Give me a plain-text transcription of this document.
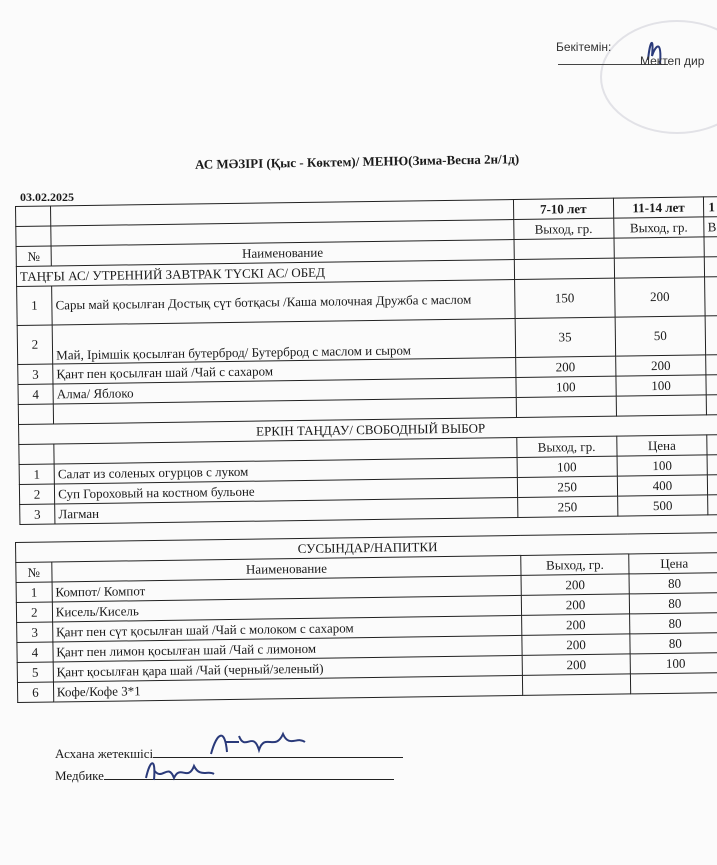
Бекітемін:
Мектеп дир
АС МӘЗІРІ (Қыс - Көктем)/ МЕНЮ(Зима-Весна 2н/1д)
03.02.2025
		7-10 лет	11-14 лет	1
		Выход, гр.	Выход, гр.	В
№	Наименование			
ТАҢҒЫ АС/ УТРЕННИЙ ЗАВТРАК ТҮСКІ АС/ ОБЕД				
1	Сары май қосылған Достық сүт ботқасы /Каша молочная Дружба с маслом	150	200	
2	Май, Ірімшік қосылған бутерброд/ Бутерброд с маслом и сыром	35	50	
3	Қант пен қосылған шай /Чай с сахаром	200	200	
4	Алма/ Яблоко	100	100	

ЕРКІН ТАҢДАУ/ СВОБОДНЫЙ ВЫБОР				
		Выход, гр.	Цена	
1	Салат из соленых огурцов с луком	100	100	
2	Суп Гороховый на костном бульоне	250	400	
3	Лагман	250	500	
СУСЫНДАР/НАПИТКИ			
№	Наименование	Выход, гр.	Цена
1	Компот/ Компот	200	80
2	Кисель/Кисель	200	80
3	Қант пен сүт қосылған шай /Чай с молоком с сахаром	200	80
4	Қант пен лимон қосылған шай /Чай с лимоном	200	80
5	Қант қосылған қара шай /Чай (черный/зеленый)	200	100
6	Кофе/Кофе 3*1		
Асхана жетекшісі
Медбике
